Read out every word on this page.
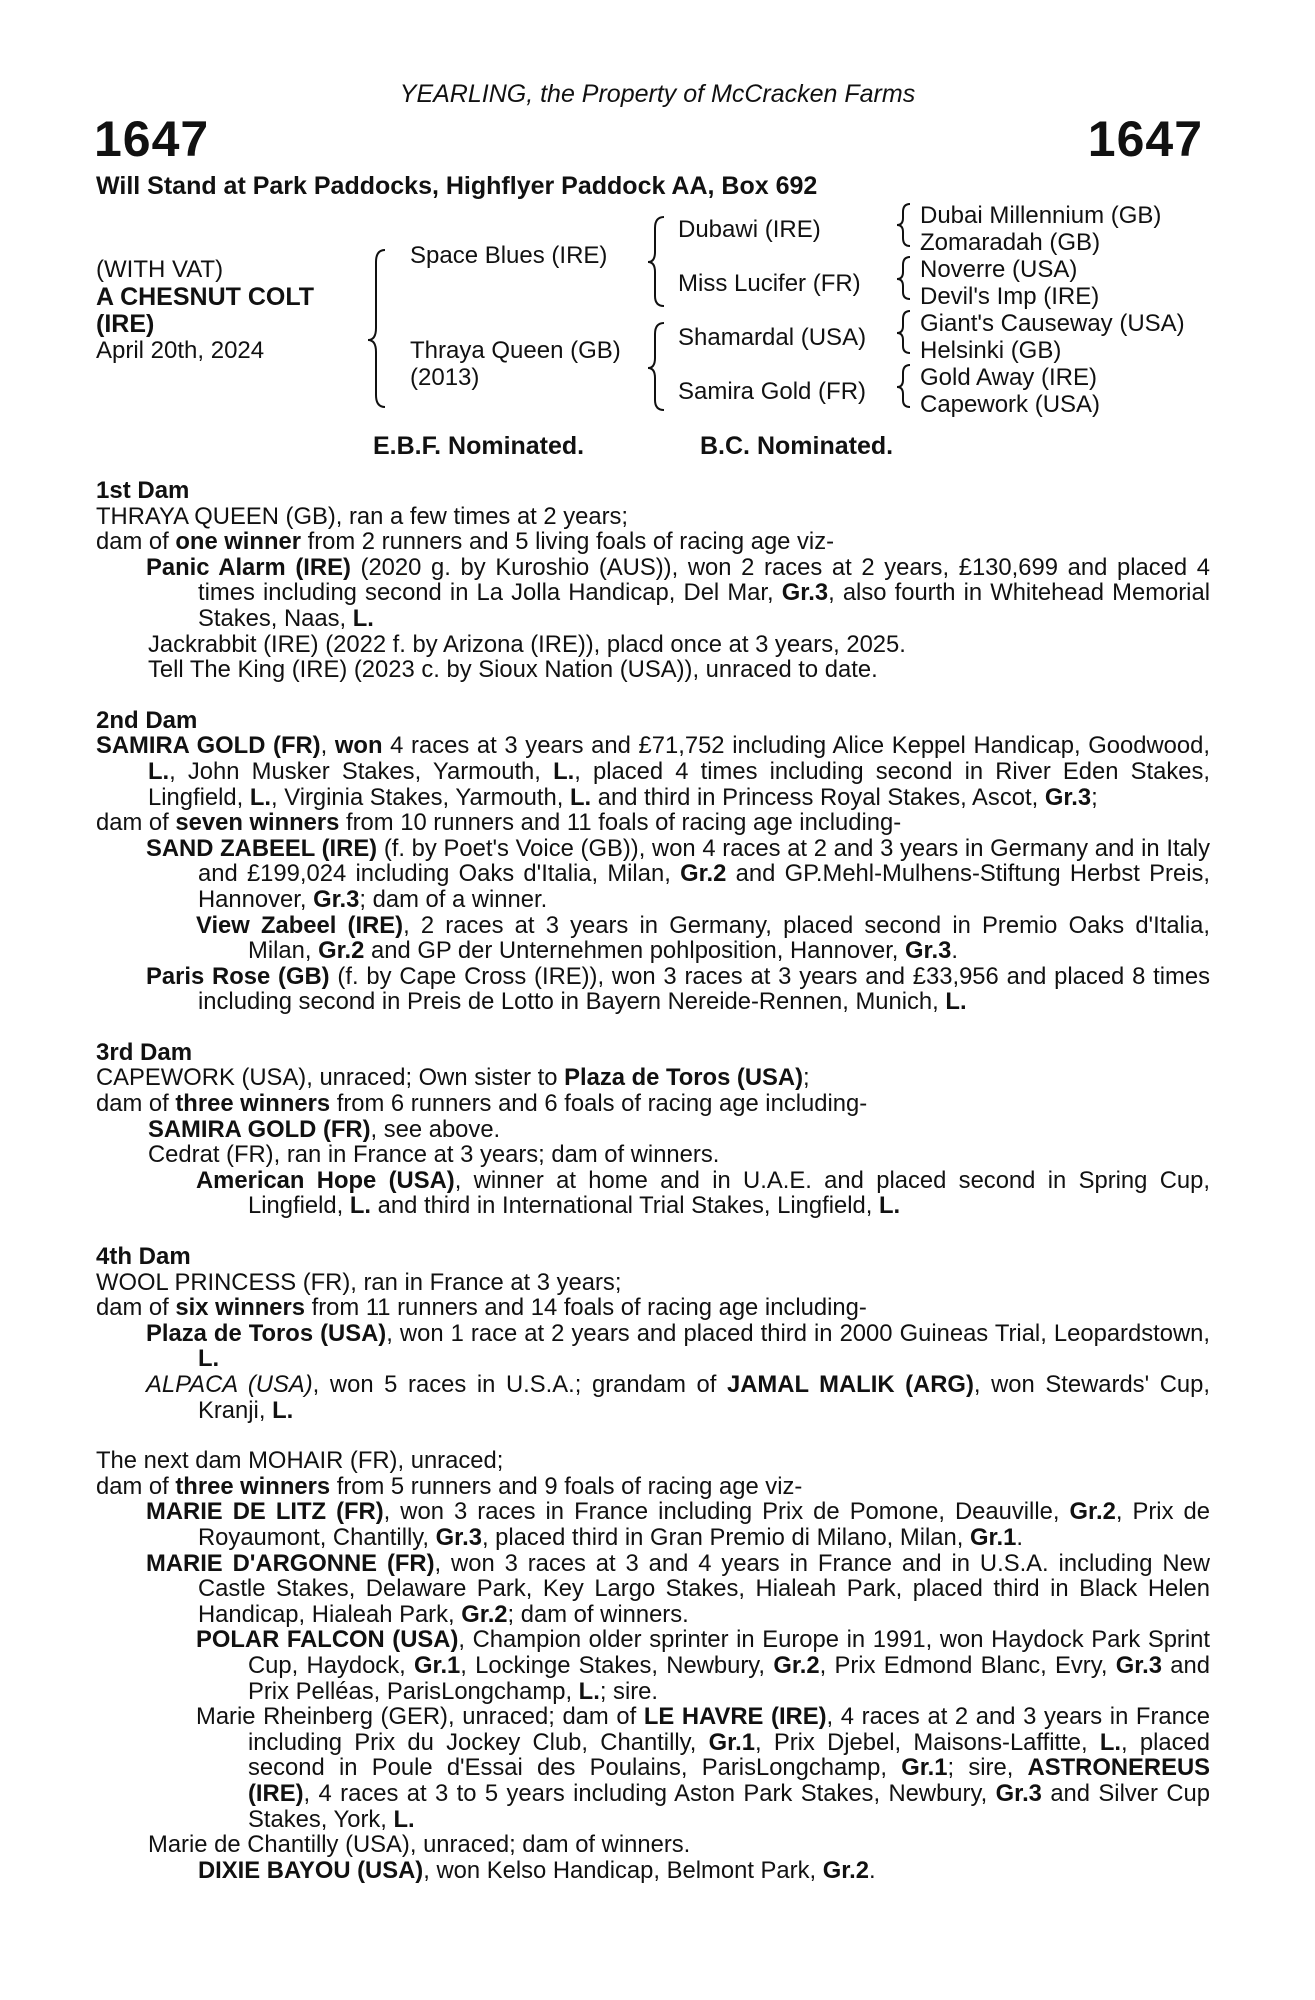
YEARLING, the Property of McCracken Farms
1647	1647
Will Stand at Park Paddocks, Highflyer Paddock AA, Box 692
(WITH VAT)
A CHESNUT COLT
(IRE)
April 20th, 2024
Space Blues (IRE)
Thraya Queen (GB)
(2013)
Dubawi (IRE)
Miss Lucifer (FR)
Shamardal (USA)
Samira Gold (FR)
Dubai Millennium (GB)
Zomaradah (GB)
Noverre (USA)
Devil's Imp (IRE)
Giant's Causeway (USA)
Helsinki (GB)
Gold Away (IRE)
Capework (USA)
E.B.F. Nominated.	B.C. Nominated.

1st Dam

THRAYA QUEEN (GB), ran a few times at 2 years;

dam of one winner from 2 runners and 5 living foals of racing age viz-

Panic Alarm (IRE) (2020 g. by Kuroshio (AUS)), won 2 races at 2 years, £130,699 and placed 4 times including second in La Jolla Handicap, Del Mar, Gr.3, also fourth in Whitehead Memorial Stakes, Naas, L.

Jackrabbit (IRE) (2022 f. by Arizona (IRE)), placd once at 3 years, 2025.

Tell The King (IRE) (2023 c. by Sioux Nation (USA)), unraced to date.

2nd Dam

SAMIRA GOLD (FR), won 4 races at 3 years and £71,752 including Alice Keppel Handicap, Goodwood, L., John Musker Stakes, Yarmouth, L., placed 4 times including second in River Eden Stakes, Lingfield, L., Virginia Stakes, Yarmouth, L. and third in Princess Royal Stakes, Ascot, Gr.3;

dam of seven winners from 10 runners and 11 foals of racing age including-

SAND ZABEEL (IRE) (f. by Poet's Voice (GB)), won 4 races at 2 and 3 years in Germany and in Italy and £199,024 including Oaks d'Italia, Milan, Gr.2 and GP.Mehl-Mulhens-Stiftung Herbst Preis, Hannover, Gr.3; dam of a winner.

View Zabeel (IRE), 2 races at 3 years in Germany, placed second in Premio Oaks d'Italia, Milan, Gr.2 and GP der Unternehmen pohlposition, Hannover, Gr.3.

Paris Rose (GB) (f. by Cape Cross (IRE)), won 3 races at 3 years and £33,956 and placed 8 times including second in Preis de Lotto in Bayern Nereide-Rennen, Munich, L.

3rd Dam

CAPEWORK (USA), unraced; Own sister to Plaza de Toros (USA);

dam of three winners from 6 runners and 6 foals of racing age including-

SAMIRA GOLD (FR), see above.

Cedrat (FR), ran in France at 3 years; dam of winners.

American Hope (USA), winner at home and in U.A.E. and placed second in Spring Cup, Lingfield, L. and third in International Trial Stakes, Lingfield, L.

4th Dam

WOOL PRINCESS (FR), ran in France at 3 years;

dam of six winners from 11 runners and 14 foals of racing age including-

Plaza de Toros (USA), won 1 race at 2 years and placed third in 2000 Guineas Trial, Leopardstown, L.

ALPACA (USA), won 5 races in U.S.A.; grandam of JAMAL MALIK (ARG), won Stewards' Cup, Kranji, L.

The next dam MOHAIR (FR), unraced;

dam of three winners from 5 runners and 9 foals of racing age viz-

MARIE DE LITZ (FR), won 3 races in France including Prix de Pomone, Deauville, Gr.2, Prix de Royaumont, Chantilly, Gr.3, placed third in Gran Premio di Milano, Milan, Gr.1.

MARIE D'ARGONNE (FR), won 3 races at 3 and 4 years in France and in U.S.A. including New Castle Stakes, Delaware Park, Key Largo Stakes, Hialeah Park, placed third in Black Helen Handicap, Hialeah Park, Gr.2; dam of winners.

POLAR FALCON (USA), Champion older sprinter in Europe in 1991, won Haydock Park Sprint Cup, Haydock, Gr.1, Lockinge Stakes, Newbury, Gr.2, Prix Edmond Blanc, Evry, Gr.3 and Prix Pelléas, ParisLongchamp, L.; sire.

Marie Rheinberg (GER), unraced; dam of LE HAVRE (IRE), 4 races at 2 and 3 years in France including Prix du Jockey Club, Chantilly, Gr.1, Prix Djebel, Maisons-Laffitte, L., placed second in Poule d'Essai des Poulains, ParisLongchamp, Gr.1; sire, ASTRONEREUS (IRE), 4 races at 3 to 5 years including Aston Park Stakes, Newbury, Gr.3 and Silver Cup Stakes, York, L.

Marie de Chantilly (USA), unraced; dam of winners.

DIXIE BAYOU (USA), won Kelso Handicap, Belmont Park, Gr.2.
